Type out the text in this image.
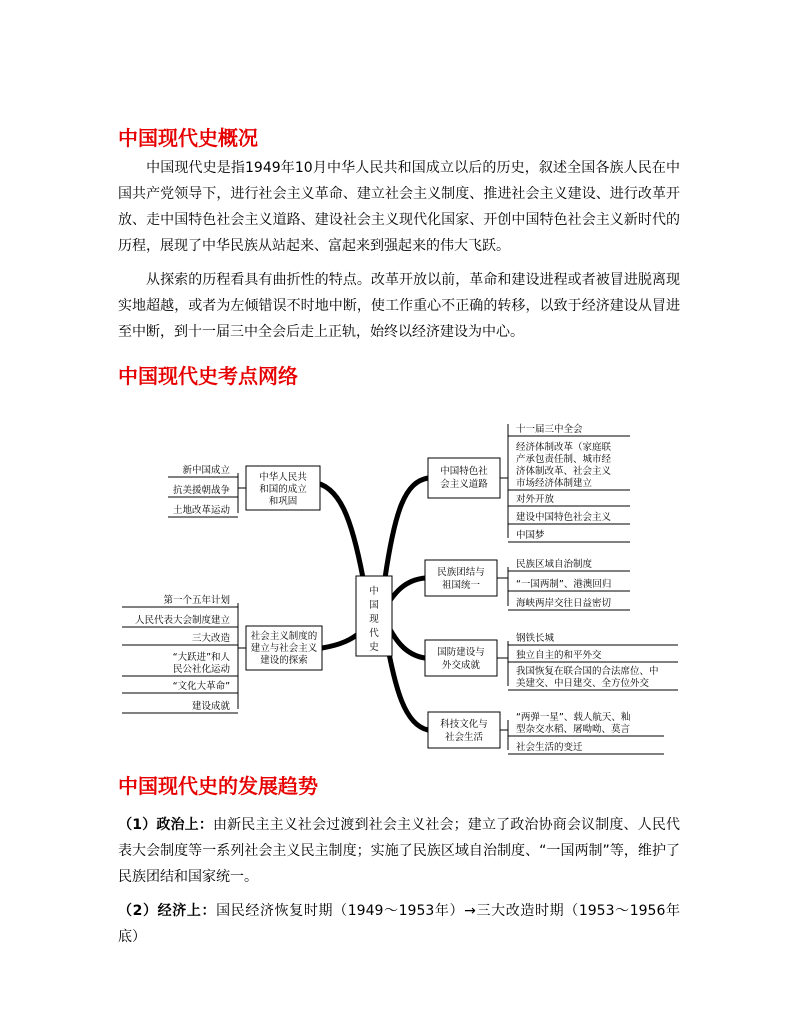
中国现代史概况

中国现代史是指1949年10月中华人民共和国成立以后的历史，叙述全国各族人民在中国共产党领导下，进行社会主义革命、建立社会主义制度、推进社会主义建设、进行改革开放、走中国特色社会主义道路、建设社会主义现代化国家、开创中国特色社会主义新时代的历程，展现了中华民族从站起来、富起来到强起来的伟大飞跃。

从探索的历程看具有曲折性的特点。改革开放以前，革命和建设进程或者被冒进脱离现实地超越，或者为左倾错误不时地中断，使工作重心不正确的转移，以致于经济建设从冒进至中断，到十一届三中全会后走上正轨，始终以经济建设为中心。

中国现代史考点网络
中
国
现
代
史
中华人民共
和国的成立
和巩固
新中国成立
抗美援朝战争
土地改革运动
社会主义制度的
建立与社会主义
建设的探索
第一个五年计划
人民代表大会制度建立
三大改造
“大跃进”和人
民公社化运动
“文化大革命”
建设成就
中国特色社
会主义道路
十一届三中全会
经济体制改革（家庭联
产承包责任制、城市经
济体制改革、社会主义
市场经济体制建立
对外开放
建设中国特色社会主义
中国梦
民族团结与
祖国统一
民族区域自治制度
“一国两制”、港澳回归
海峡两岸交往日益密切
国防建设与
外交成就
钢铁长城
独立自主的和平外交
我国恢复在联合国的合法席位、中
美建交、中日建交、全方位外交
科技文化与
社会生活
“两弹一星”、载人航天、籼
型杂交水稻、屠呦呦、莫言
社会生活的变迁
中国现代史的发展趋势

（1）政治上：由新民主主义社会过渡到社会主义社会；建立了政治协商会议制度、人民代表大会制度等一系列社会主义民主制度；实施了民族区域自治制度、“一国两制”等，维护了民族团结和国家统一。

（2）经济上：国民经济恢复时期（1949～1953年）→三大改造时期（1953～1956年底）
